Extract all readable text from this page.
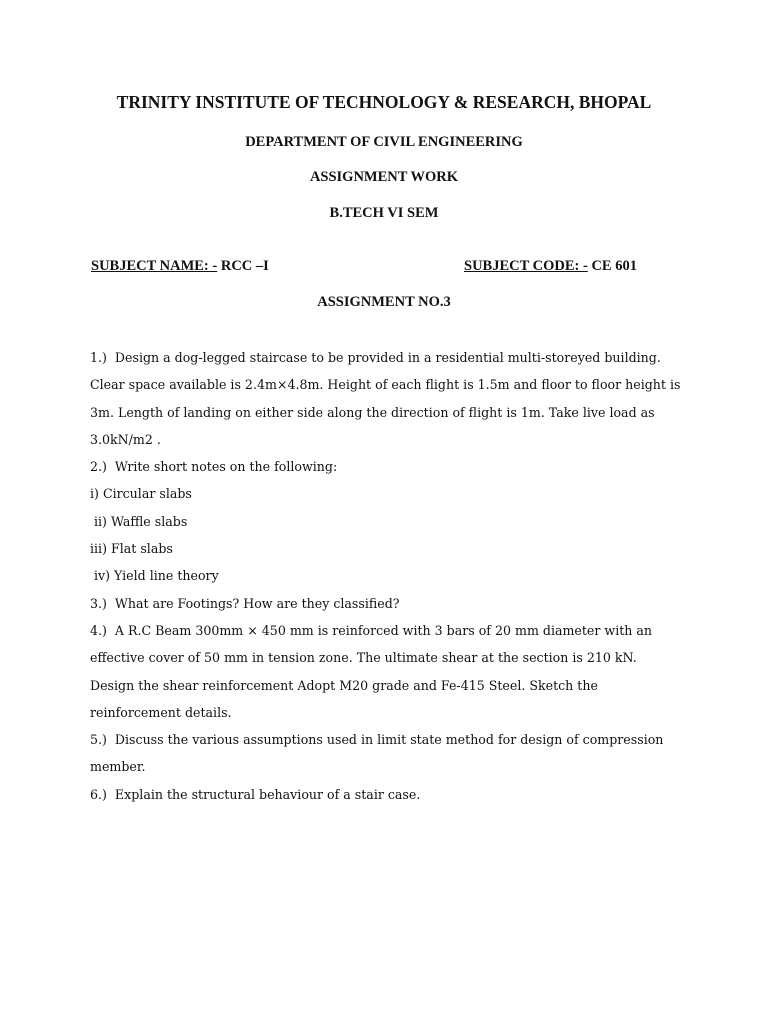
TRINITY INSTITUTE OF TECHNOLOGY & RESEARCH, BHOPAL
DEPARTMENT OF CIVIL ENGINEERING
ASSIGNMENT WORK
B.TECH VI SEM
SUBJECT NAME: - RCC –I	SUBJECT CODE: - CE 601
ASSIGNMENT NO.3
1.)  Design a dog-legged staircase to be provided in a residential multi-storeyed building.
Clear space available is 2.4m×4.8m. Height of each flight is 1.5m and floor to floor height is
3m. Length of landing on either side along the direction of flight is 1m. Take live load as
3.0kN/m2 .
2.)  Write short notes on the following:
i) Circular slabs
ii) Waffle slabs
iii) Flat slabs
iv) Yield line theory
3.)  What are Footings? How are they classified?
4.)  A R.C Beam 300mm × 450 mm is reinforced with 3 bars of 20 mm diameter with an
effective cover of 50 mm in tension zone. The ultimate shear at the section is 210 kN.
Design the shear reinforcement Adopt M20 grade and Fe-415 Steel. Sketch the
reinforcement details.
5.)  Discuss the various assumptions used in limit state method for design of compression
member.
6.)  Explain the structural behaviour of a stair case.
